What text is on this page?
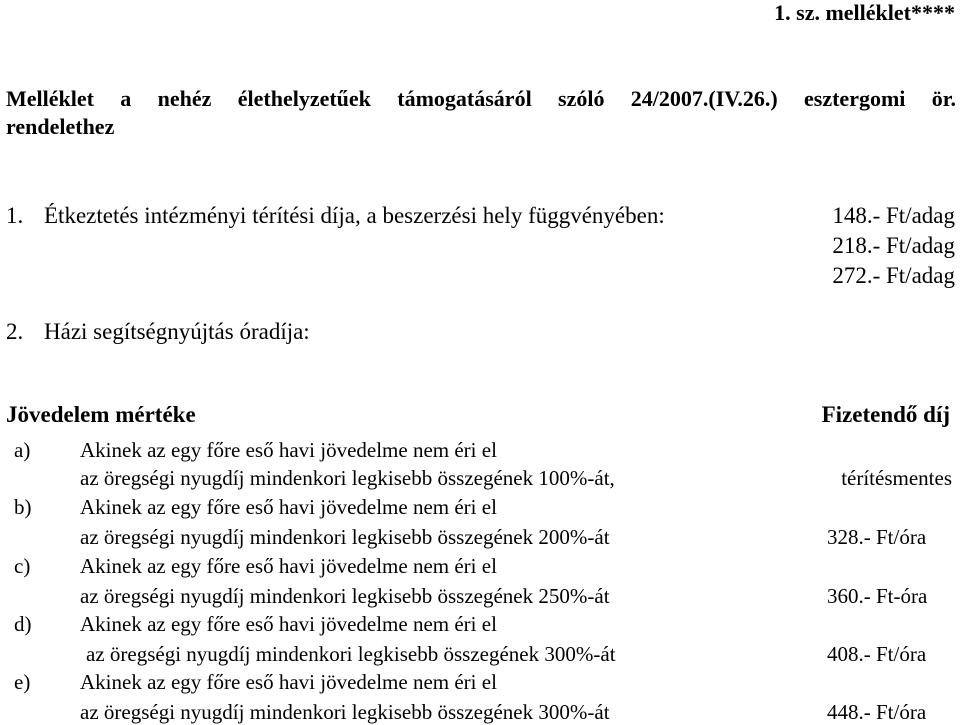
1. sz. melléklet****
Melléklet a nehéz élethelyzetűek támogatásáról szóló 24/2007.(IV.26.) esztergomi ör.
rendelethez
1. Étkeztetés intézményi térítési díja, a beszerzési hely függvényében:	148.- Ft/adag
218.- Ft/adag
272.- Ft/adag
2. Házi segítségnyújtás óradíja:
Jövedelem mértéke	Fizetendő díj
a) Akinek az egy főre eső havi jövedelme nem éri el
az öregségi nyugdíj mindenkori legkisebb összegének 100%-át,	térítésmentes
b) Akinek az egy főre eső havi jövedelme nem éri el
az öregségi nyugdíj mindenkori legkisebb összegének 200%-át	328.- Ft/óra
c) Akinek az egy főre eső havi jövedelme nem éri el
az öregségi nyugdíj mindenkori legkisebb összegének 250%-át	360.- Ft-óra
d) Akinek az egy főre eső havi jövedelme nem éri el
az öregségi nyugdíj mindenkori legkisebb összegének 300%-át	408.- Ft/óra
e) Akinek az egy főre eső havi jövedelme nem éri el
az öregségi nyugdíj mindenkori legkisebb összegének 300%-át	448.- Ft/óra
